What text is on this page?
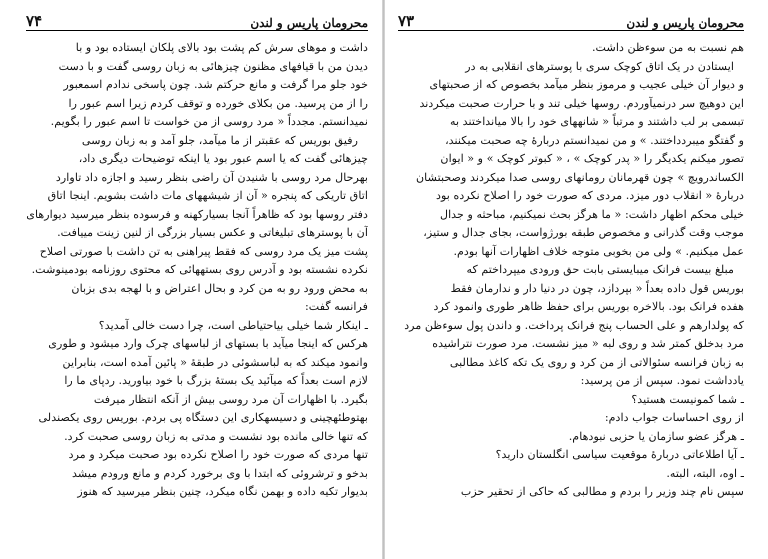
محرومان پاریس و لندن
۷۴

داشت و موهای سرش کم پشت بود بالای پلکان ایستاده بود و با

دیدن من با قیافهای مظنون چیزهائی به زبان روسی گفت و با دست

خود جلو مرا گرفت و مانع حرکتم شد. چون پاسخی ندادم اسمعبور

را از من پرسید. من بکلای خورده و توقف کردم زیرا اسم عبور را

نمیدانستم. مجدداً « مرد روسی از من خواست تا اسم عبور را بگویم.

رفیق بوریس که عقبتر از ما میآمد، جلو آمد و به زبان روسی

چیزهائی گفت که یا اسم عبور بود یا اینکه توضیحات دیگری داد،

بهرحال مرد روسی با شنیدن آن راضی بنظر رسید و اجازه داد تاوارد

اتاق تاریکی که پنجره « آن از شیشههای مات داشت بشویم. اینجا اتاق

دفتر روسها بود که ظاهراً آنجا بسیارکهنه و فرسوده بنظر میرسید دیوارهای

آن با پوسترهای تبلیغاتی و عکس بسیار بزرگی از لنین زینت مییافت.

پشت میز یک مرد روسی که فقط پیراهنی به تن داشت با صورتی اصلاح

نکرده نشسته بود و آدرس روی بستههائی که محتوی روزنامه بودمینوشت.

به محض ورود رو به من کرد و بحال اعتراض و با لهجه بدی بزبان

فرانسه گفت:

ـ اینکار شما خیلی بیاحتیاطی است، چرا دست خالی آمدید؟

هرکس که اینجا میآید با بستهای از لباسهای چرک وارد میشود و طوری

وانمود میکند که به لباسشوئی در طبقهٔ « پائین آمده است، بنابراین

لازم است بعداً که میآئید یک بستهٔ بزرگ با خود بیاورید. ردپای ما را

بگیرد. با اظهارات آن مرد روسی بیش از آنکه انتظار میرفت

بهتوطئهچینی و دسیسهکاری این دستگاه پی بردم. بوریس روی یکصندلی

که تنها خالی مانده بود نشست و مدتی به زبان روسی صحبت کرد.

تنها مردی که صورت خود را اصلاح نکرده بود صحبت میکرد و مرد

بدخو و ترشروئی که ابتدا با وی برخورد کردم و مانع ورودم میشد

بدیوار تکیه داده و بهمن نگاه میکرد، چنین بنظر میرسید که هنوز

محرومان پاریس و لندن
۷۳

هم نسبت به من سوءظن داشت.

ایستادن در یک اتاق کوچک سری با پوسترهای انقلابی به در

و دیوار آن خیلی عجیب و مرموز بنظر میآمد بخصوص که از صحبتهای

این دوهیچ سر درنمیآوردم. روسها خیلی تند و با حرارت صحبت میکردند

تبسمی بر لب داشتند و مرتباً « شانههای خود را بالا میانداختند به

و گفتگو میبردداختند. » و من نمیدانستم دربارهٔ چه صحبت میکنند،

تصور میکنم یکدیگر را « پدر کوچک » ، « کبوتر کوچک » و « ایوان

الکساندرویچ » چون قهرمانان رومانهای روسی صدا میکردند وصحبتشان

دربارهٔ « انقلاب دور میزد. مردی که صورت خود را اصلاح نکرده بود

خیلی محکم اظهار داشت: « ما هرگز بحث نمیکنیم، مباحثه و جدال

موجب وقت گذرانی و مخصوص طبقه بورژواست، بجای جدال و ستیز،

عمل میکنیم. » ولی من بخوبی متوجه خلاف اظهارات آنها بودم.

مبلغ بیست فرانک میبایستی بابت حق ورودی میپرداختم که

بوریس قول داده بعداً « بپردازد، چون در دنیا دار و ندارمان فقط

هفده فرانک بود. بالاخره بوریس برای حفظ ظاهر طوری وانمود کرد

که پولدارهم و علی الحساب پنج فرانک پرداخت. و داندن پول سوءظن مرد

مرد بدخلق کمتر شد و روی لبه « میز نشست. مرد صورت نتراشیده

به زبان فرانسه سئوالاتی از من کرد و روی یک تکه کاغذ مطالبی

یادداشت نمود. سپس از من پرسید:

ـ شما کمونیست هستید؟

از روی احساسات جواب دادم:

ـ هرگز عضو سازمان یا حزبی نبودهام.

ـ آیا اطلاعاتی دربارهٔ موقعیت سیاسی انگلستان دارید؟

ـ اوه، البته، البته.

سپس نام چند وزیر را بردم و مطالبی که حاکی از تحقیر حزب
